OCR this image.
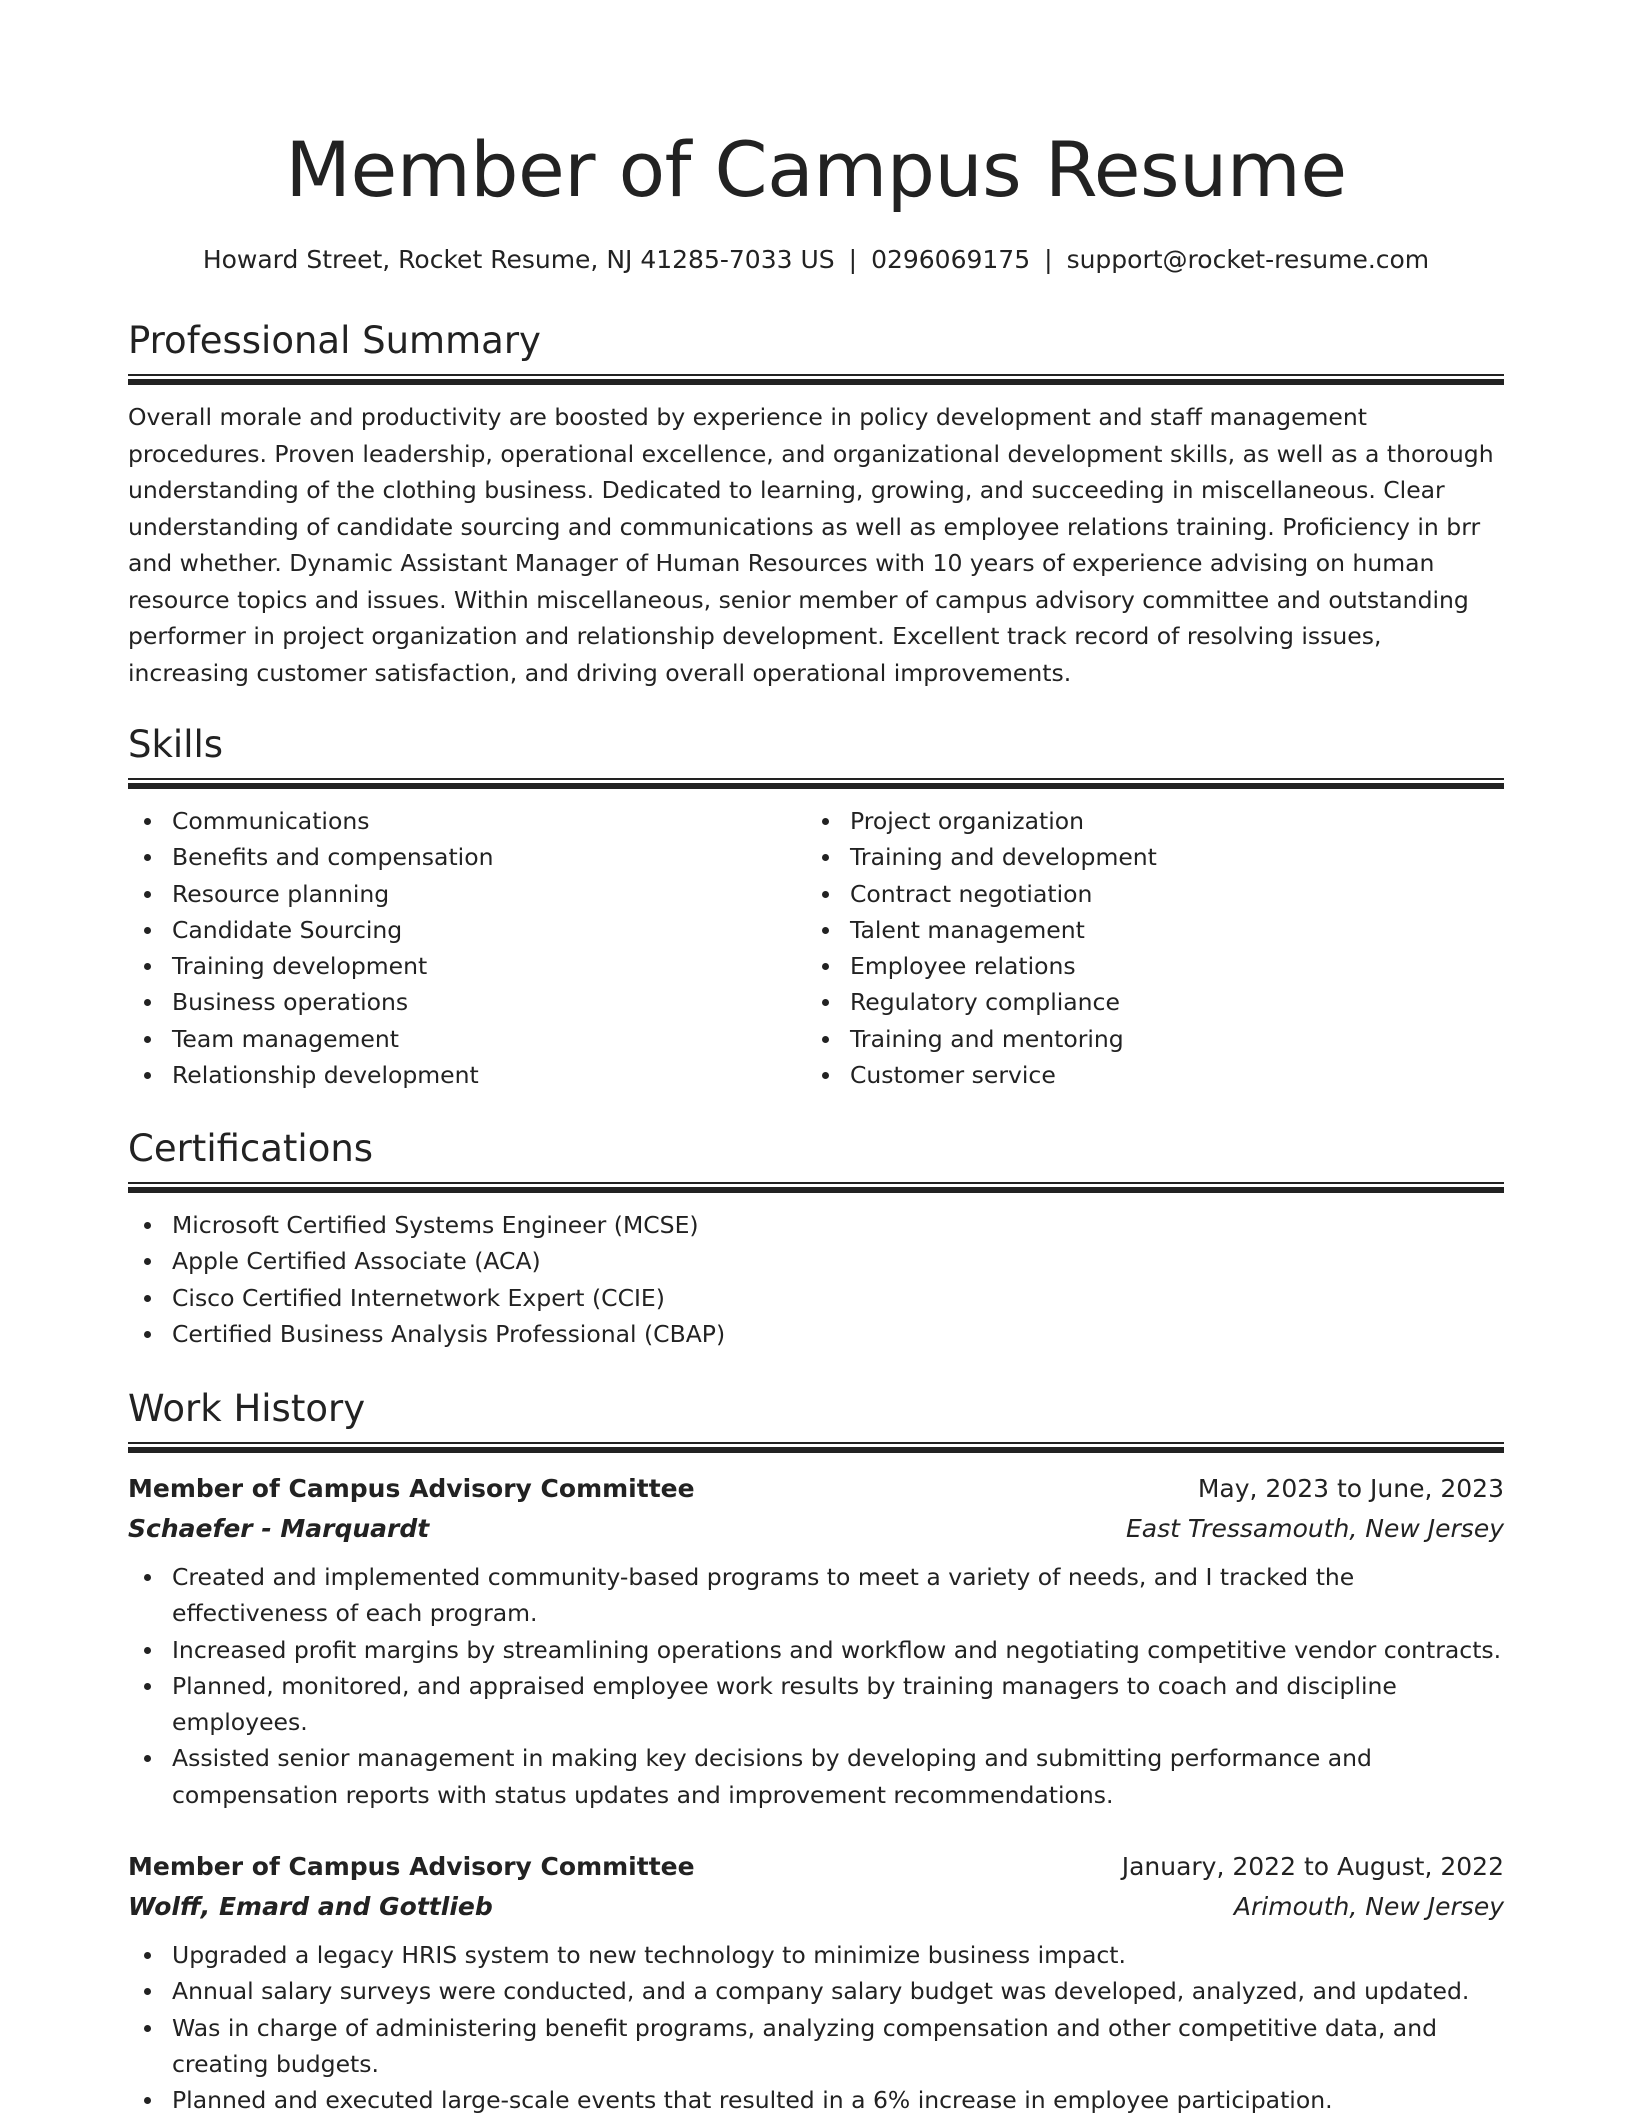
Member of Campus Resume
Howard Street, Rocket Resume, NJ 41285-7033 US | 0296069175 | support@rocket-resume.com
Professional Summary

Overall morale and productivity are boosted by experience in policy development and staff management procedures. Proven leadership, operational excellence, and organizational development skills, as well as a thorough understanding of the clothing business. Dedicated to learning, growing, and succeeding in miscellaneous. Clear understanding of candidate sourcing and communications as well as employee relations training. Proficiency in brr and whether. Dynamic Assistant Manager of Human Resources with 10 years of experience advising on human resource topics and issues. Within miscellaneous, senior member of campus advisory committee and outstanding performer in project organization and relationship development. Excellent track record of resolving issues, increasing customer satisfaction, and driving overall operational improvements.

Skills
Communications
Benefits and compensation
Resource planning
Candidate Sourcing
Training development
Business operations
Team management
Relationship development
Project organization
Training and development
Contract negotiation
Talent management
Employee relations
Regulatory compliance
Training and mentoring
Customer service
Certifications
Microsoft Certified Systems Engineer (MCSE)
Apple Certified Associate (ACA)
Cisco Certified Internetwork Expert (CCIE)
Certified Business Analysis Professional (CBAP)
Work History
Member of Campus Advisory Committee	May, 2023 to June, 2023
Schaefer - Marquardt	East Tressamouth, New Jersey
Created and implemented community-based programs to meet a variety of needs, and I tracked the effectiveness of each program.
Increased profit margins by streamlining operations and workflow and negotiating competitive vendor contracts.
Planned, monitored, and appraised employee work results by training managers to coach and discipline employees.
Assisted senior management in making key decisions by developing and submitting performance and compensation reports with status updates and improvement recommendations.
Member of Campus Advisory Committee	January, 2022 to August, 2022
Wolff, Emard and Gottlieb	Arimouth, New Jersey
Upgraded a legacy HRIS system to new technology to minimize business impact.
Annual salary surveys were conducted, and a company salary budget was developed, analyzed, and updated.
Was in charge of administering benefit programs, analyzing compensation and other competitive data, and creating budgets.
Planned and executed large-scale events that resulted in a 6% increase in employee participation.
